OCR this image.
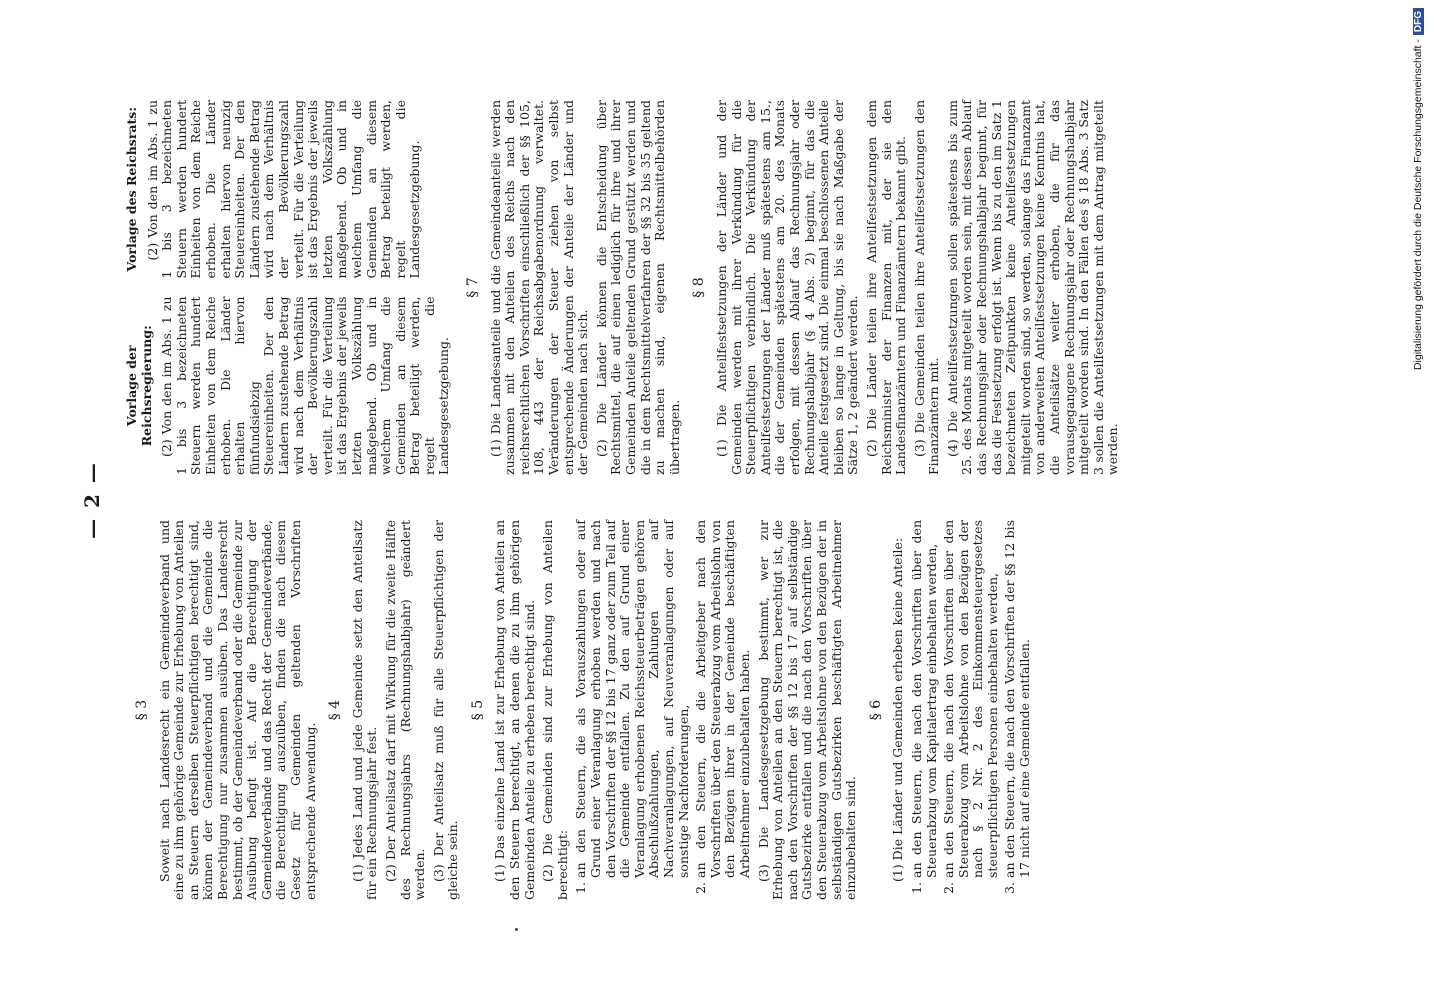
— 2 —
§ 3 Soweit nach Landesrecht ein Gemeindeverband und eine zu ihm gehörige Gemeinde zur Erhebung von Anteilen an Steuern derselben Steuerpflichtigen berechtigt sind, können der Gemeindeverband und die Gemeinde die Berechtigung nur zusammen ausüben. Das Landesrecht bestimmt, ob der Gemeindeverband oder die Gemeinde zur Ausübung befugt ist. Auf die Berechtigung der Gemeindeverbände und das Recht der Gemeindeverbände, die Berechtigung auszuüben, finden die nach diesem Gesetz für Gemeinden geltenden Vorschriften entsprechende Anwendung.

§ 4 (1) Jedes Land und jede Gemeinde setzt den Anteilsatz für ein Rechnungsjahr fest. (2) Der Anteilsatz darf mit Wirkung für die zweite Hälfte des Rechnungsjahrs (Rechnungshalbjahr) geändert werden. (3) Der Anteilsatz muß für alle Steuerpflichtigen der gleiche sein.

§ 5 (1) Das einzelne Land ist zur Erhebung von Anteilen an den Steuern berechtigt, an denen die zu ihm gehörigen Gemeinden Anteile zu erheben berechtigt sind. (2) Die Gemeinden sind zur Erhebung von Anteilen berechtigt: 1. an den Steuern, die als Vorauszahlungen oder auf Grund einer Veranlagung erhoben werden und nach den Vorschriften der §§ 12 bis 17 ganz oder zum Teil auf die Gemeinde entfallen. Zu den auf Grund einer Veranlagung erhobenen Reichssteuerbeträgen gehören Abschlußzahlungen, Zahlungen auf Nachveranlagungen, auf Neuveranlagungen oder auf sonstige Nachforderungen, 2. an den Steuern, die die Arbeitgeber nach den Vorschriften über den Steuerabzug vom Arbeitslohn von den Bezügen ihrer in der Gemeinde beschäftigten Arbeitnehmer einzubehalten haben. (3) Die Landesgesetzgebung bestimmt, wer zur Erhebung von Anteilen an den Steuern berechtigt ist, die nach den Vorschriften der §§ 12 bis 17 auf selbständige Gutsbezirke entfallen und die nach den Vorschriften über den Steuerabzug vom Arbeitslohne von den Bezügen der in selbständigen Gutsbezirken beschäftigten Arbeitnehmer einzubehalten sind.

§ 6 (1) Die Länder und Gemeinden erheben keine Anteile: 1. an den Steuern, die nach den Vorschriften über den Steuerabzug vom Kapitalertrag einbehalten werden, 2. an den Steuern, die nach den Vorschriften über den Steuerabzug vom Arbeitslohne von den Bezügen der nach § 2 Nr. 2 des Einkommensteuergesetzes steuerpflichtigen Personen einbehalten werden, 3. an den Steuern, die nach den Vorschriften der §§ 12 bis 17 nicht auf eine Gemeinde entfallen.
Vorlage der Reichsregierung: (2) Von den im Abs. 1 zu 1 bis 3 bezeichneten Steuern werden hundert Einheiten von dem Reiche erhoben. Die Länder erhalten hiervon fünfundsiebzig Steuereinheiten. Der den Ländern zustehende Betrag wird nach dem Verhältnis der Bevölkerungszahl verteilt. Für die Verteilung ist das Ergebnis der jeweils letzten Volkszählung maßgebend. Ob und in welchem Umfang die Gemeinden an diesem Betrag beteiligt werden, regelt die Landesgesetzgebung.

Vorlage des Reichsrats: (2) Von den im Abs. 1 zu 1 bis 3 bezeichneten Steuern werden hundert Einheiten von dem Reiche erhoben. Die Länder erhalten hiervon neunzig Steuereinheiten. Der den Ländern zustehende Betrag wird nach dem Verhältnis der Bevölkerungszahl verteilt. Für die Verteilung ist das Ergebnis der jeweils letzten Volkszählung maßgebend. Ob und in welchem Umfang die Gemeinden an diesem Betrag beteiligt werden, regelt die Landesgesetzgebung.

§ 7 (1) Die Landesanteile und die Gemeindeanteile werden zusammen mit den Anteilen des Reichs nach den reichsrechtlichen Vorschriften einschließlich der §§ 105, 108, 443 der Reichsabgabenordnung verwaltet. Veränderungen der Steuer ziehen von selbst entsprechende Änderungen der Anteile der Länder und der Gemeinden nach sich. (2) Die Länder können die Entscheidung über Rechtsmittel, die auf einen lediglich für ihre und ihrer Gemeinden Anteile geltenden Grund gestützt werden und die in dem Rechtsmittelverfahren der §§ 32 bis 35 geltend zu machen sind, eigenen Rechtsmittelbehörden übertragen.

§ 8 (1) Die Anteilfestsetzungen der Länder und der Gemeinden werden mit ihrer Verkündung für die Steuerpflichtigen verbindlich. Die Verkündung der Anteilfestsetzungen der Länder muß spätestens am 15., die der Gemeinden spätestens am 20. des Monats erfolgen, mit dessen Ablauf das Rechnungsjahr oder Rechnungshalbjahr (§ 4 Abs. 2) beginnt, für das die Anteile festgesetzt sind. Die einmal beschlossenen Anteile bleiben so lange in Geltung, bis sie nach Maßgabe der Sätze 1, 2 geändert werden. (2) Die Länder teilen ihre Anteilfestsetzungen dem Reichsminister der Finanzen mit, der sie den Landesfinanzämtern und Finanzämtern bekannt gibt. (3) Die Gemeinden teilen ihre Anteilfestsetzungen den Finanzämtern mit. (4) Die Anteilfestsetzungen sollen spätestens bis zum 25. des Monats mitgeteilt worden sein, mit dessen Ablauf das Rechnungsjahr oder Rechnungshalbjahr beginnt, für das die Festsetzung erfolgt ist. Wenn bis zu den im Satz 1 bezeichneten Zeitpunkten keine Anteilfestsetzungen mitgeteilt worden sind, so werden, solange das Finanzamt von anderweiten Anteilfestsetzungen keine Kenntnis hat, die Anteilsätze weiter erhoben, die für das vorausgegangene Rechnungsjahr oder Rechnungshalbjahr mitgeteilt worden sind. In den Fällen des § 18 Abs. 3 Satz 3 sollen die Anteilfestsetzungen mit dem Antrag mitgeteilt werden.

Digitalisierung gefördert durch die Deutsche Forschungsgemeinschaft -DFG
